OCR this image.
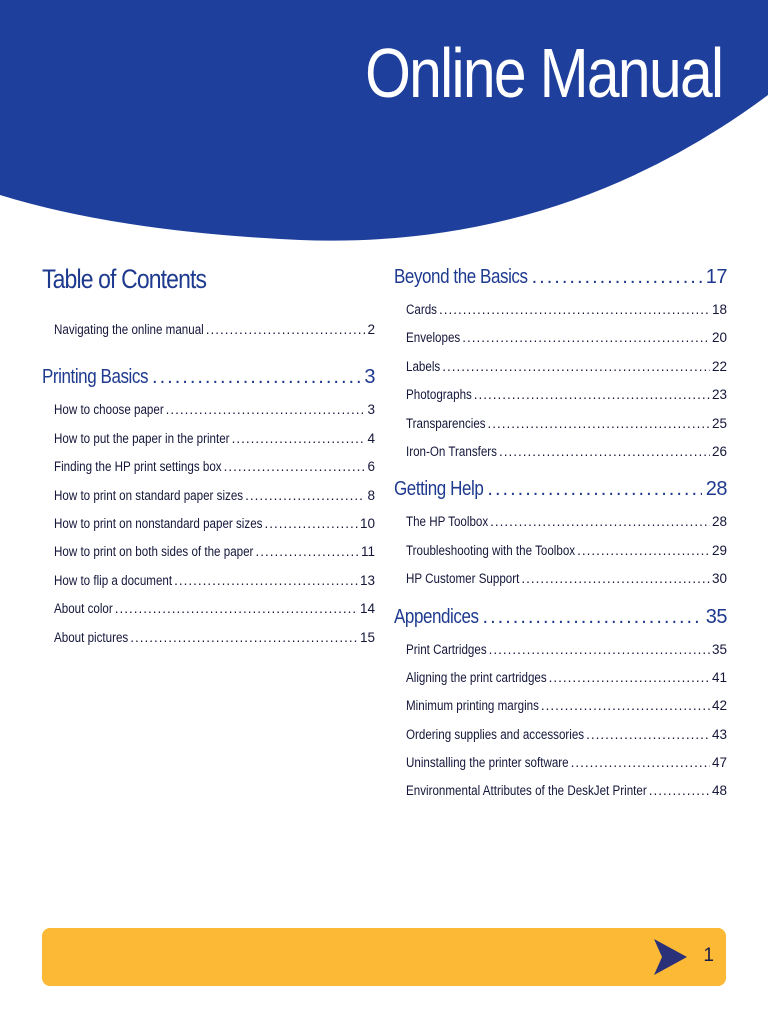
Online Manual
Table of Contents
Navigating the online manual .....	2
Printing Basics .....	3
How to choose paper .....	3
How to put the paper in the printer .....	4
Finding the HP print settings box .....	6
How to print on standard paper sizes .....	8
How to print on nonstandard paper sizes .....	10
How to print on both sides of the paper .....	11
How to flip a document .....	13
About color .....	14
About pictures .....	15
Beyond the Basics .....	17
Cards .....	18
Envelopes .....	20
Labels .....	22
Photographs .....	23
Transparencies .....	25
Iron-On Transfers .....	26
Getting Help .....	28
The HP Toolbox .....	28
Troubleshooting with the Toolbox .....	29
HP Customer Support .....	30
Appendices .....	35
Print Cartridges .....	35
Aligning the print cartridges .....	41
Minimum printing margins .....	42
Ordering supplies and accessories .....	43
Uninstalling the printer software .....	47
Environmental Attributes of the DeskJet Printer .....	48
1
